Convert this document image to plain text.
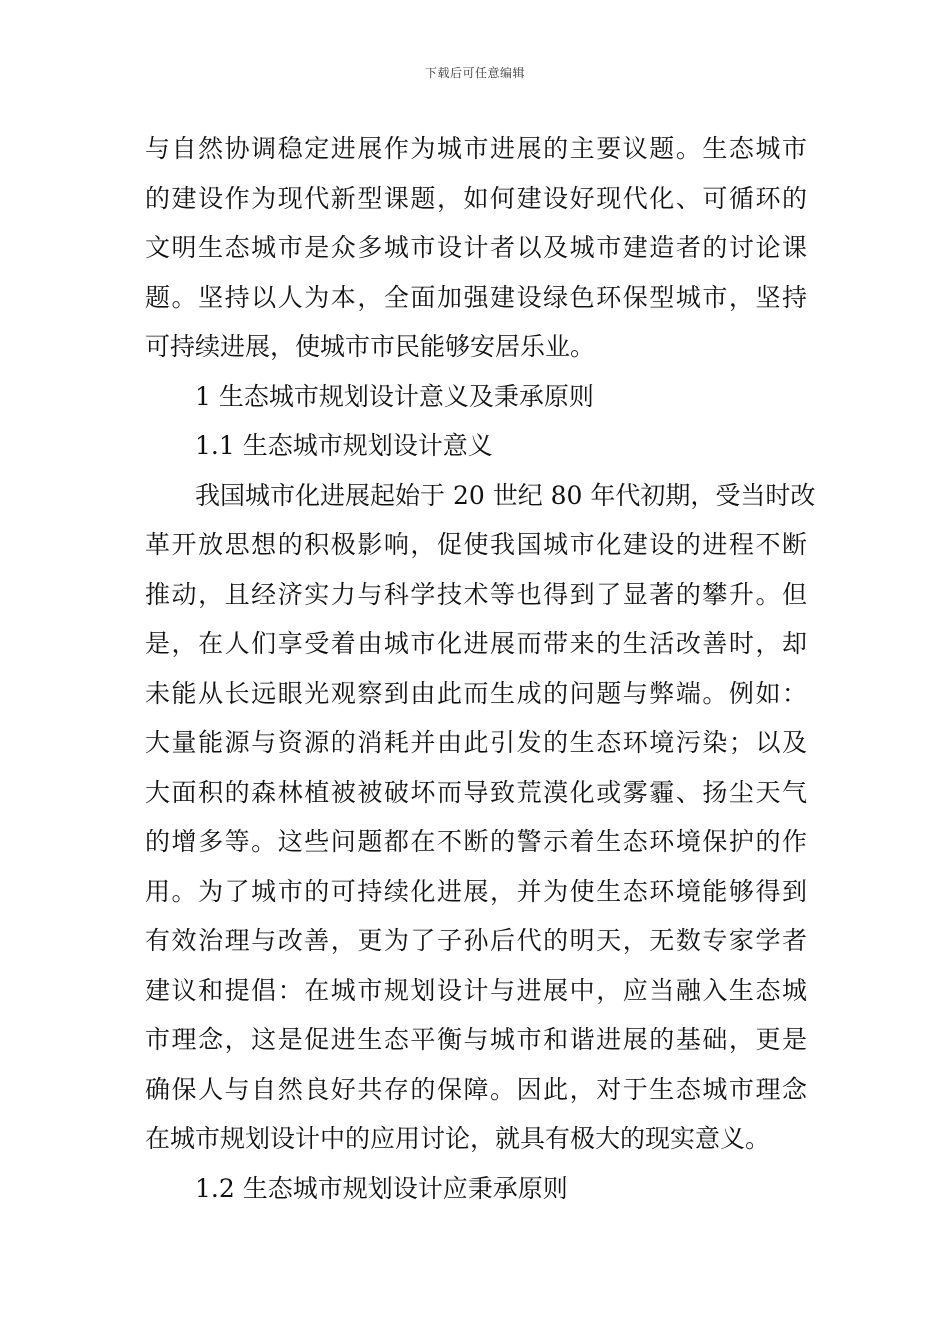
下载后可任意编辑
与自然协调稳定进展作为城市进展的主要议题。生态城市
的建设作为现代新型课题，如何建设好现代化、可循环的
文明生态城市是众多城市设计者以及城市建造者的讨论课
题。坚持以人为本，全面加强建设绿色环保型城市，坚持
可持续进展，使城市市民能够安居乐业。
1 生态城市规划设计意义及秉承原则
1.1 生态城市规划设计意义
我国城市化进展起始于 20 世纪 80 年代初期，受当时改
革开放思想的积极影响，促使我国城市化建设的进程不断
推动，且经济实力与科学技术等也得到了显著的攀升。但
是，在人们享受着由城市化进展而带来的生活改善时，却
未能从长远眼光观察到由此而生成的问题与弊端。例如：
大量能源与资源的消耗并由此引发的生态环境污染；以及
大面积的森林植被被破坏而导致荒漠化或雾霾、扬尘天气
的增多等。这些问题都在不断的警示着生态环境保护的作
用。为了城市的可持续化进展，并为使生态环境能够得到
有效治理与改善，更为了子孙后代的明天，无数专家学者
建议和提倡：在城市规划设计与进展中，应当融入生态城
市理念，这是促进生态平衡与城市和谐进展的基础，更是
确保人与自然良好共存的保障。因此，对于生态城市理念
在城市规划设计中的应用讨论，就具有极大的现实意义。
1.2 生态城市规划设计应秉承原则
